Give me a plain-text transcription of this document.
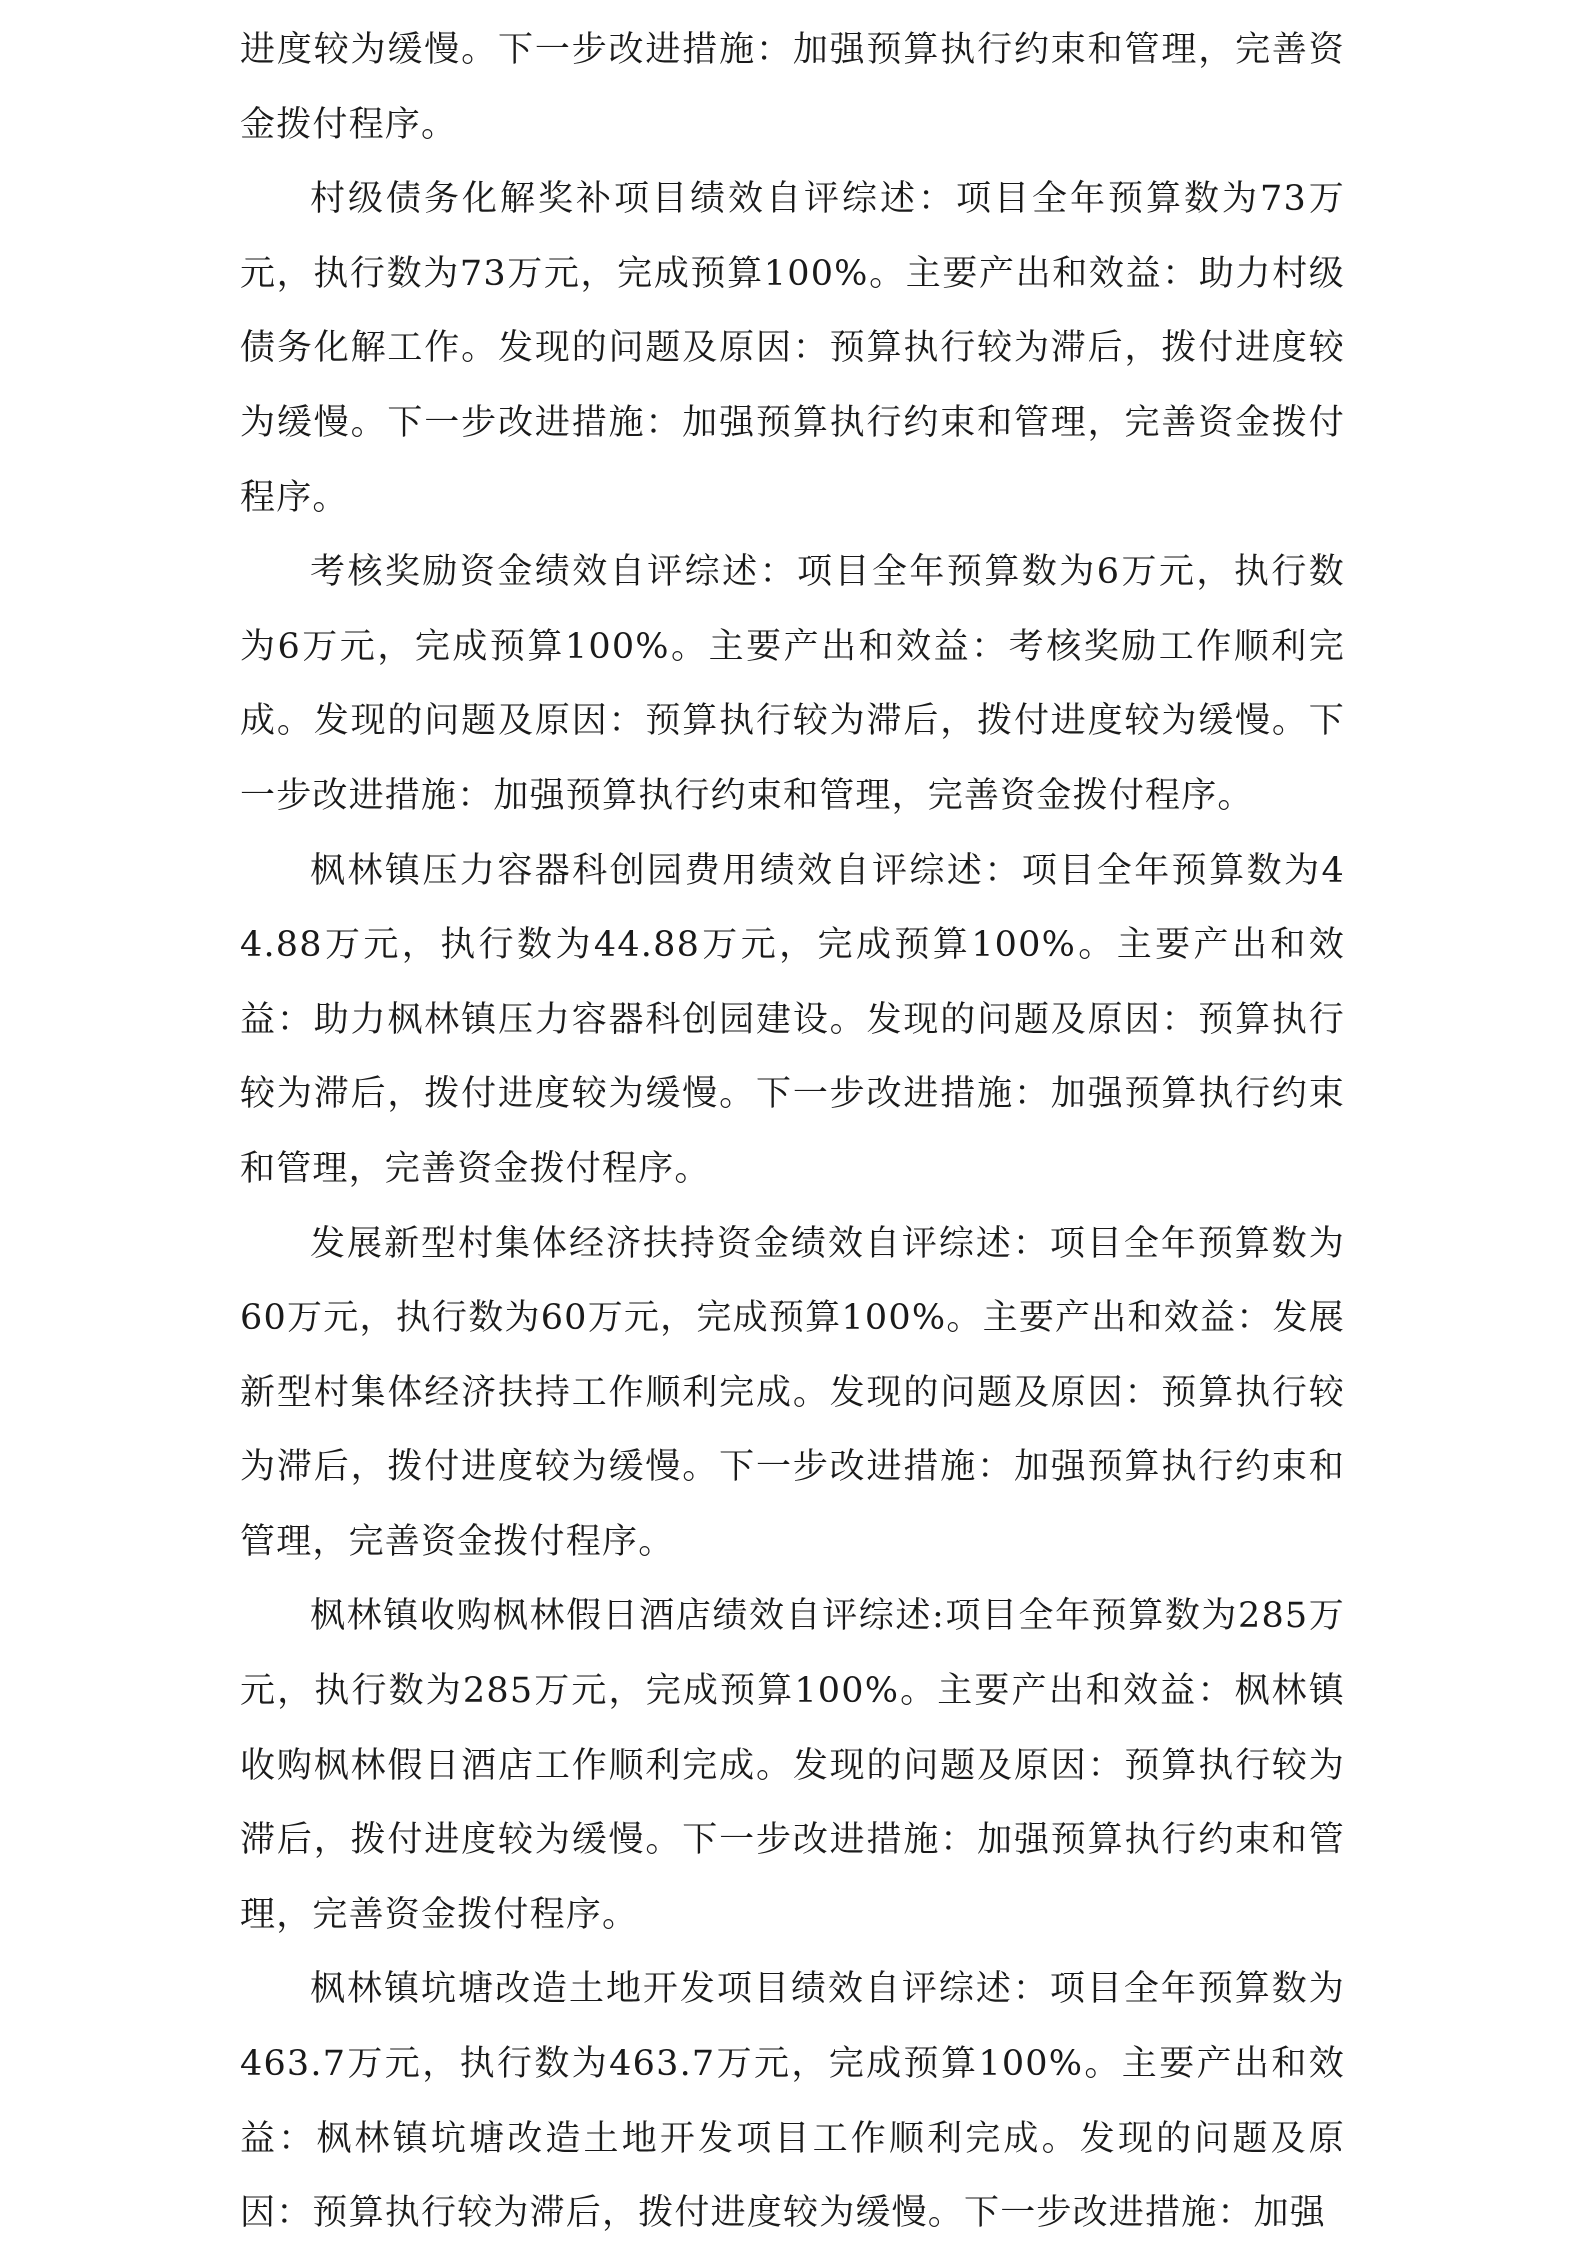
进度较为缓慢。下一步改进措施：加强预算执行约束和管理，完善资金拨付程序。

村级债务化解奖补项目绩效自评综述：项目全年预算数为73万元，执行数为73万元，完成预算100%。主要产出和效益：助力村级债务化解工作。发现的问题及原因：预算执行较为滞后，拨付进度较为缓慢。下一步改进措施：加强预算执行约束和管理，完善资金拨付程序。

考核奖励资金绩效自评综述：项目全年预算数为6万元，执行数为6万元，完成预算100%。主要产出和效益：考核奖励工作顺利完成。发现的问题及原因：预算执行较为滞后，拨付进度较为缓慢。下一步改进措施：加强预算执行约束和管理，完善资金拨付程序。

枫林镇压力容器科创园费用绩效自评综述：项目全年预算数为44.88万元，执行数为44.88万元，完成预算100%。主要产出和效益：助力枫林镇压力容器科创园建设。发现的问题及原因：预算执行较为滞后，拨付进度较为缓慢。下一步改进措施：加强预算执行约束和管理，完善资金拨付程序。

发展新型村集体经济扶持资金绩效自评综述：项目全年预算数为60万元，执行数为60万元，完成预算100%。主要产出和效益：发展新型村集体经济扶持工作顺利完成。发现的问题及原因：预算执行较为滞后，拨付进度较为缓慢。下一步改进措施：加强预算执行约束和管理，完善资金拨付程序。

枫林镇收购枫林假日酒店绩效自评综述:项目全年预算数为285万元，执行数为285万元，完成预算100%。主要产出和效益：枫林镇收购枫林假日酒店工作顺利完成。发现的问题及原因：预算执行较为滞后，拨付进度较为缓慢。下一步改进措施：加强预算执行约束和管理，完善资金拨付程序。

枫林镇坑塘改造土地开发项目绩效自评综述：项目全年预算数为463.7万元，执行数为463.7万元，完成预算100%。主要产出和效益：枫林镇坑塘改造土地开发项目工作顺利完成。发现的问题及原因：预算执行较为滞后，拨付进度较为缓慢。下一步改进措施：加强
